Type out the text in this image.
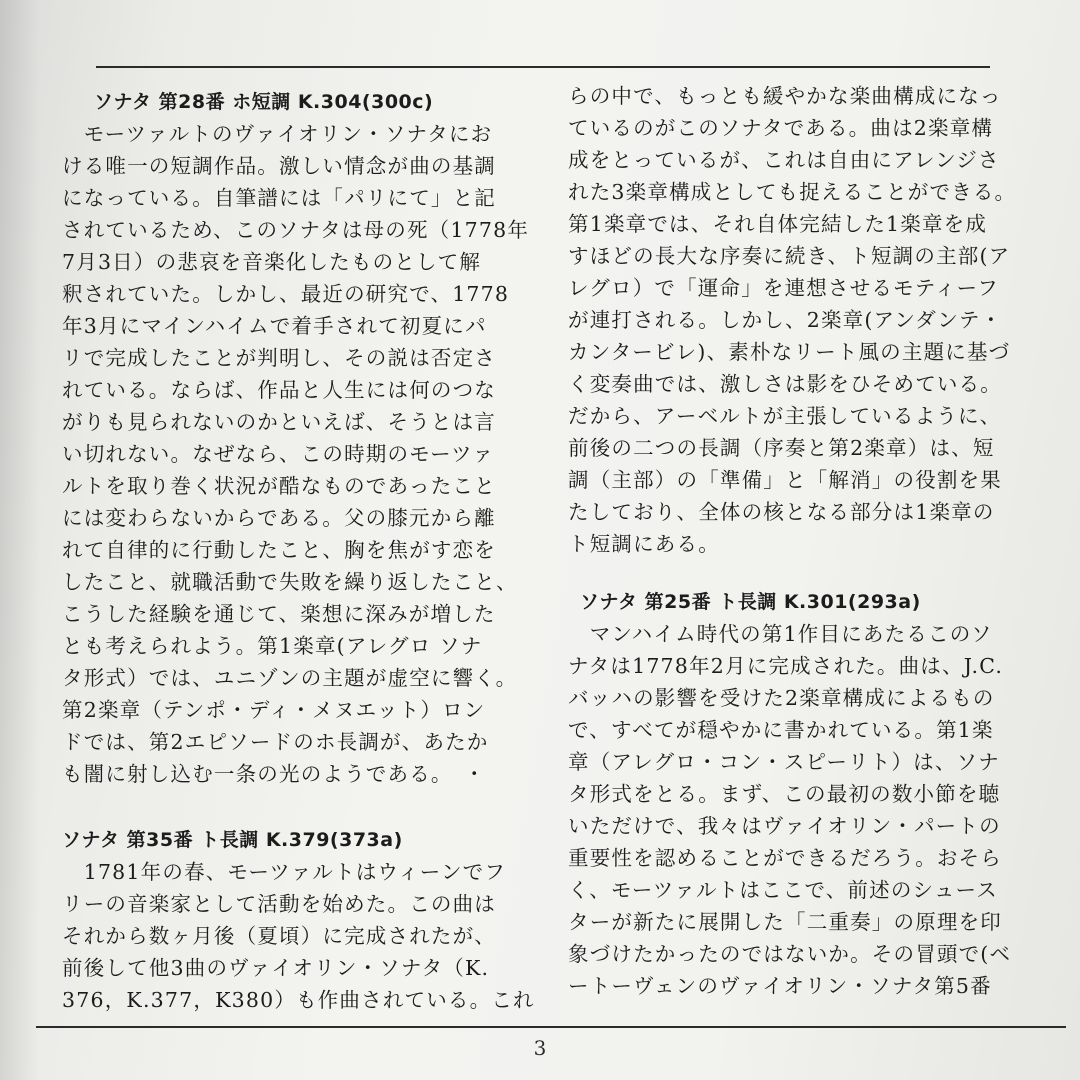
ソナタ 第28番 ホ短調 K.304(300c)
　モーツァルトのヴァイオリン・ソナタにお
ける唯一の短調作品。激しい情念が曲の基調
になっている。自筆譜には「パリにて」と記
されているため、このソナタは母の死（1778年
7月3日）の悲哀を音楽化したものとして解
釈されていた。しかし、最近の研究で、1778
年3月にマインハイムで着手されて初夏にパ
リで完成したことが判明し、その説は否定さ
れている。ならば、作品と人生には何のつな
がりも見られないのかといえば、そうとは言
い切れない。なぜなら、この時期のモーツァ
ルトを取り巻く状況が酷なものであったこと
には変わらないからである。父の膝元から離
れて自律的に行動したこと、胸を焦がす恋を
したこと、就職活動で失敗を繰り返したこと、
こうした経験を通じて、楽想に深みが増した
とも考えられよう。第1楽章(アレグロ ソナ
タ形式）では、ユニゾンの主題が虚空に響く。
第2楽章（テンポ・ディ・メヌエット）ロン
ドでは、第2エピソードのホ長調が、あたか
も闇に射し込む一条の光のようである。　・
ソナタ 第35番 ト長調 K.379(373a)
　1781年の春、モーツァルトはウィーンでフ
リーの音楽家として活動を始めた。この曲は
それから数ヶ月後（夏頃）に完成されたが、
前後して他3曲のヴァイオリン・ソナタ（K.
376，K.377，K380）も作曲されている。これ
らの中で、もっとも緩やかな楽曲構成になっ
ているのがこのソナタである。曲は2楽章構
成をとっているが、これは自由にアレンジさ
れた3楽章構成としても捉えることができる。
第1楽章では、それ自体完結した1楽章を成
すほどの長大な序奏に続き、ト短調の主部(ア
レグロ）で「運命」を連想させるモティーフ
が連打される。しかし、2楽章(アンダンテ・
カンタービレ)、素朴なリート風の主題に基づ
く変奏曲では、激しさは影をひそめている。
だから、アーベルトが主張しているように、
前後の二つの長調（序奏と第2楽章）は、短
調（主部）の「準備」と「解消」の役割を果
たしており、全体の核となる部分は1楽章の
ト短調にある。
ソナタ 第25番 ト長調 K.301(293a)
　マンハイム時代の第1作目にあたるこのソ
ナタは1778年2月に完成された。曲は、J.C.
バッハの影響を受けた2楽章構成によるもの
で、すべてが穏やかに書かれている。第1楽
章（アレグロ・コン・スピーリト）は、ソナ
タ形式をとる。まず、この最初の数小節を聴
いただけで、我々はヴァイオリン・パートの
重要性を認めることができるだろう。おそら
く、モーツァルトはここで、前述のシュース
ターが新たに展開した「二重奏」の原理を印
象づけたかったのではないか。その冒頭で(ベ
ートーヴェンのヴァイオリン・ソナタ第5番
3
